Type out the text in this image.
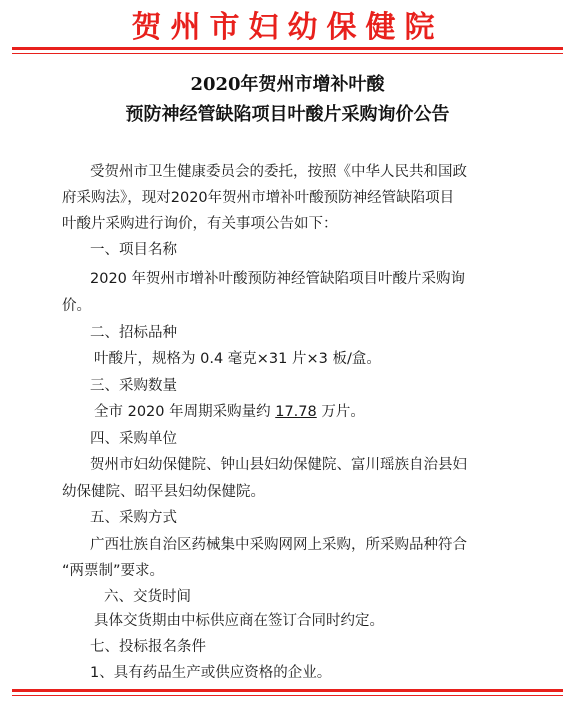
贺州市妇幼保健院
2020年贺州市增补叶酸
预防神经管缺陷项目叶酸片采购询价公告
受贺州市卫生健康委员会的委托，按照《中华人民共和国政
府采购法》，现对2020年贺州市增补叶酸预防神经管缺陷项目
叶酸片采购进行询价，有关事项公告如下：
一、项目名称
2020 年贺州市增补叶酸预防神经管缺陷项目叶酸片采购询
价。
二、招标品种
叶酸片，规格为 0.4 毫克×31 片×3 板/盒。
三、采购数量
全市 2020 年周期采购量约 17.78 万片。
四、采购单位
贺州市妇幼保健院、钟山县妇幼保健院、富川瑶族自治县妇
幼保健院、昭平县妇幼保健院。
五、采购方式
广西壮族自治区药械集中采购网网上采购，所采购品种符合
“两票制”要求。
六、交货时间
具体交货期由中标供应商在签订合同时约定。
七、投标报名条件
1、具有药品生产或供应资格的企业。
